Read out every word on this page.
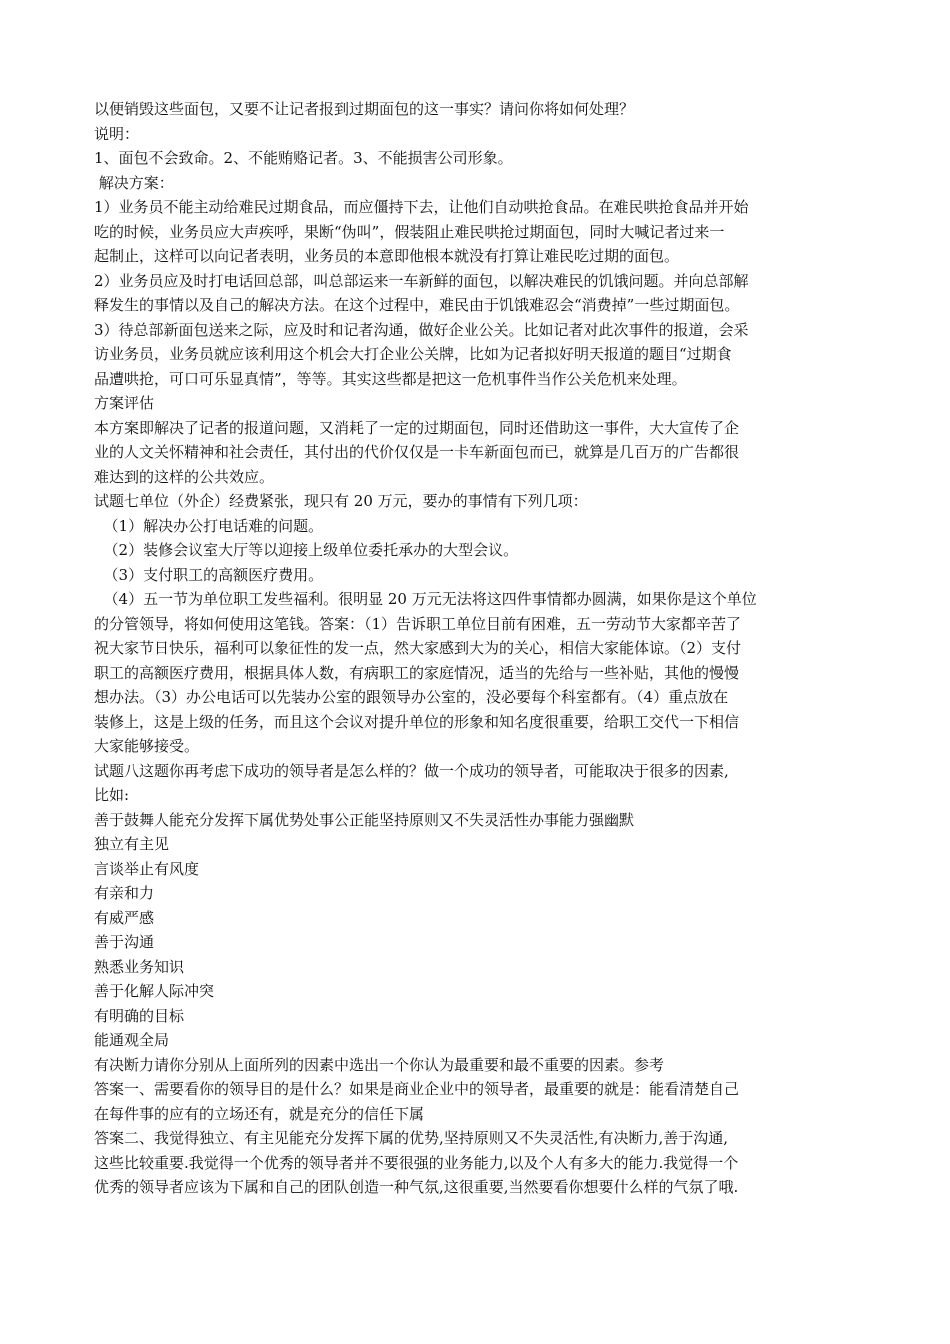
以便销毁这些面包，又要不让记者报到过期面包的这一事实？请问你将如何处理？

说明：

1、面包不会致命。2、不能贿赂记者。3、不能损害公司形象。

解决方案：

1）业务员不能主动给难民过期食品，而应僵持下去，让他们自动哄抢食品。在难民哄抢食品并开始

吃的时候，业务员应大声疾呼，果断“伪叫”，假装阻止难民哄抢过期面包，同时大喊记者过来一

起制止，这样可以向记者表明，业务员的本意即他根本就没有打算让难民吃过期的面包。

2）业务员应及时打电话回总部，叫总部运来一车新鲜的面包，以解决难民的饥饿问题。并向总部解

释发生的事情以及自己的解决方法。在这个过程中，难民由于饥饿难忍会“消费掉”一些过期面包。

3）待总部新面包送来之际，应及时和记者沟通，做好企业公关。比如记者对此次事件的报道，会采

访业务员，业务员就应该利用这个机会大打企业公关牌，比如为记者拟好明天报道的题目“过期食

品遭哄抢，可口可乐显真情”，等等。其实这些都是把这一危机事件当作公关危机来处理。

方案评估

本方案即解决了记者的报道问题，又消耗了一定的过期面包，同时还借助这一事件，大大宣传了企

业的人文关怀精神和社会责任，其付出的代价仅仅是一卡车新面包而已，就算是几百万的广告都很

难达到的这样的公共效应。

试题七单位（外企）经费紧张，现只有 20 万元，要办的事情有下列几项：

（1）解决办公打电话难的问题。

（2）装修会议室大厅等以迎接上级单位委托承办的大型会议。

（3）支付职工的高额医疗费用。

（4）五一节为单位职工发些福利。很明显 20 万元无法将这四件事情都办圆满，如果你是这个单位

的分管领导，将如何使用这笔钱。答案：（1）告诉职工单位目前有困难，五一劳动节大家都辛苦了

祝大家节日快乐，福利可以象征性的发一点，然大家感到大为的关心，相信大家能体谅。（2）支付

职工的高额医疗费用，根据具体人数，有病职工的家庭情况，适当的先给与一些补贴，其他的慢慢

想办法。（3）办公电话可以先装办公室的跟领导办公室的，没必要每个科室都有。（4）重点放在

装修上，这是上级的任务，而且这个会议对提升单位的形象和知名度很重要，给职工交代一下相信

大家能够接受。

试题八这题你再考虑下成功的领导者是怎么样的？做一个成功的领导者，可能取决于很多的因素,

比如:

善于鼓舞人能充分发挥下属优势处事公正能坚持原则又不失灵活性办事能力强幽默

独立有主见

言谈举止有风度

有亲和力

有威严感

善于沟通

熟悉业务知识

善于化解人际冲突

有明确的目标

能通观全局

有决断力请你分别从上面所列的因素中选出一个你认为最重要和最不重要的因素。参考

答案一、需要看你的领导目的是什么？如果是商业企业中的领导者，最重要的就是：能看清楚自己

在每件事的应有的立场还有，就是充分的信任下属

答案二、我觉得独立、有主见能充分发挥下属的优势,坚持原则又不失灵活性,有决断力,善于沟通,

这些比较重要.我觉得一个优秀的领导者并不要很强的业务能力,以及个人有多大的能力.我觉得一个

优秀的领导者应该为下属和自己的团队创造一种气氛,这很重要,当然要看你想要什么样的气氛了哦.
